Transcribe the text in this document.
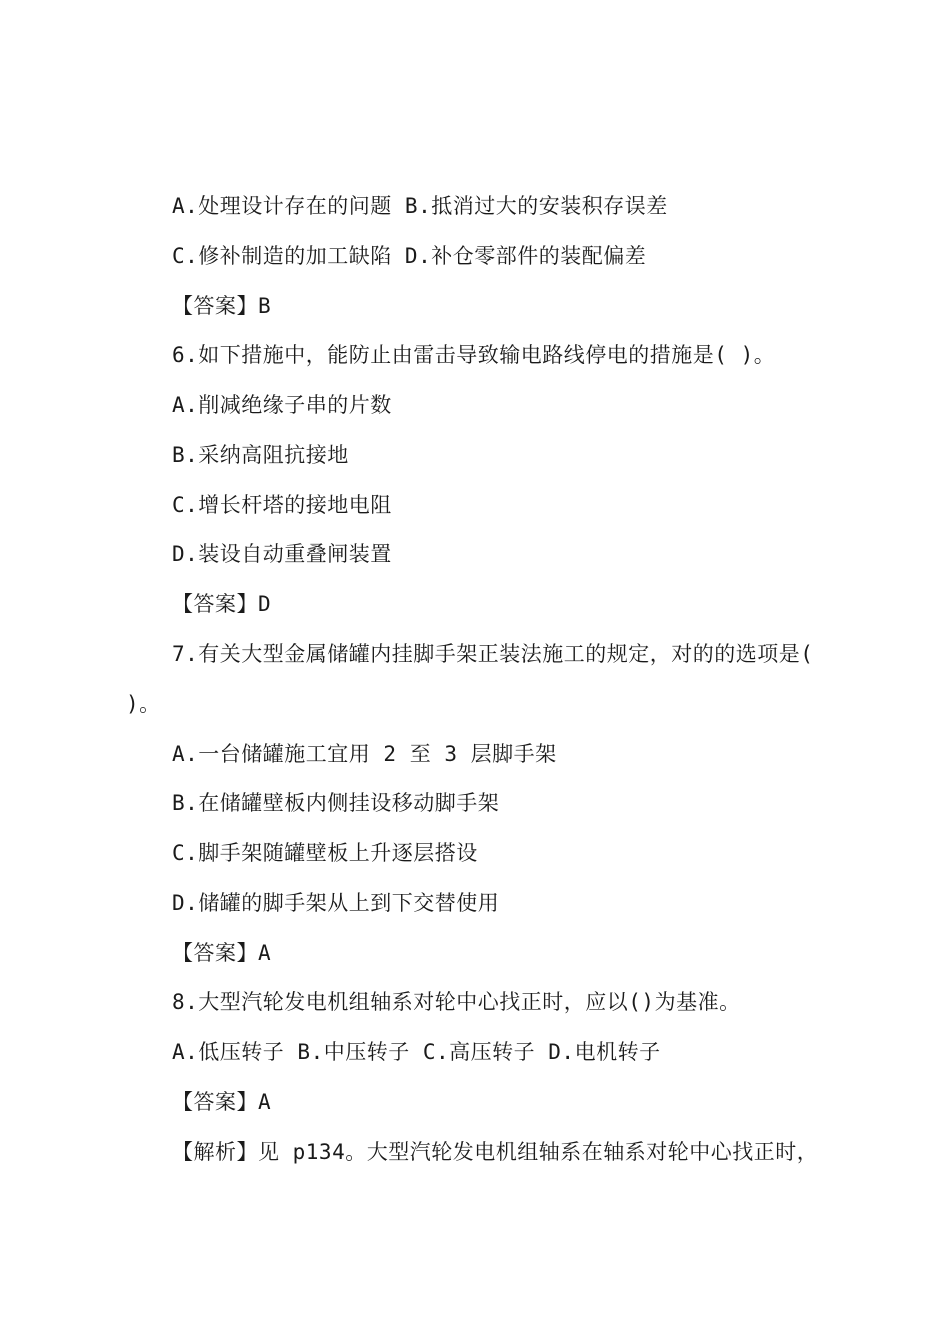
A.处理设计存在的问题 B.抵消过大的安装积存误差
C.修补制造的加工缺陷 D.补仓零部件的装配偏差
【答案】B
6.如下措施中，能防止由雷击导致输电路线停电的措施是( )。
A.削减绝缘子串的片数
B.采纳高阻抗接地
C.增长杆塔的接地电阻
D.装设自动重叠闸装置
【答案】D
7.有关大型金属储罐内挂脚手架正装法施工的规定，对的的选项是(
)。
A.一台储罐施工宜用 2 至 3 层脚手架
B.在储罐壁板内侧挂设移动脚手架
C.脚手架随罐壁板上升逐层搭设
D.储罐的脚手架从上到下交替使用
【答案】A
8.大型汽轮发电机组轴系对轮中心找正时，应以()为基准。
A.低压转子 B.中压转子 C.高压转子 D.电机转子
【答案】A
【解析】见 p134。大型汽轮发电机组轴系在轴系对轮中心找正时，
